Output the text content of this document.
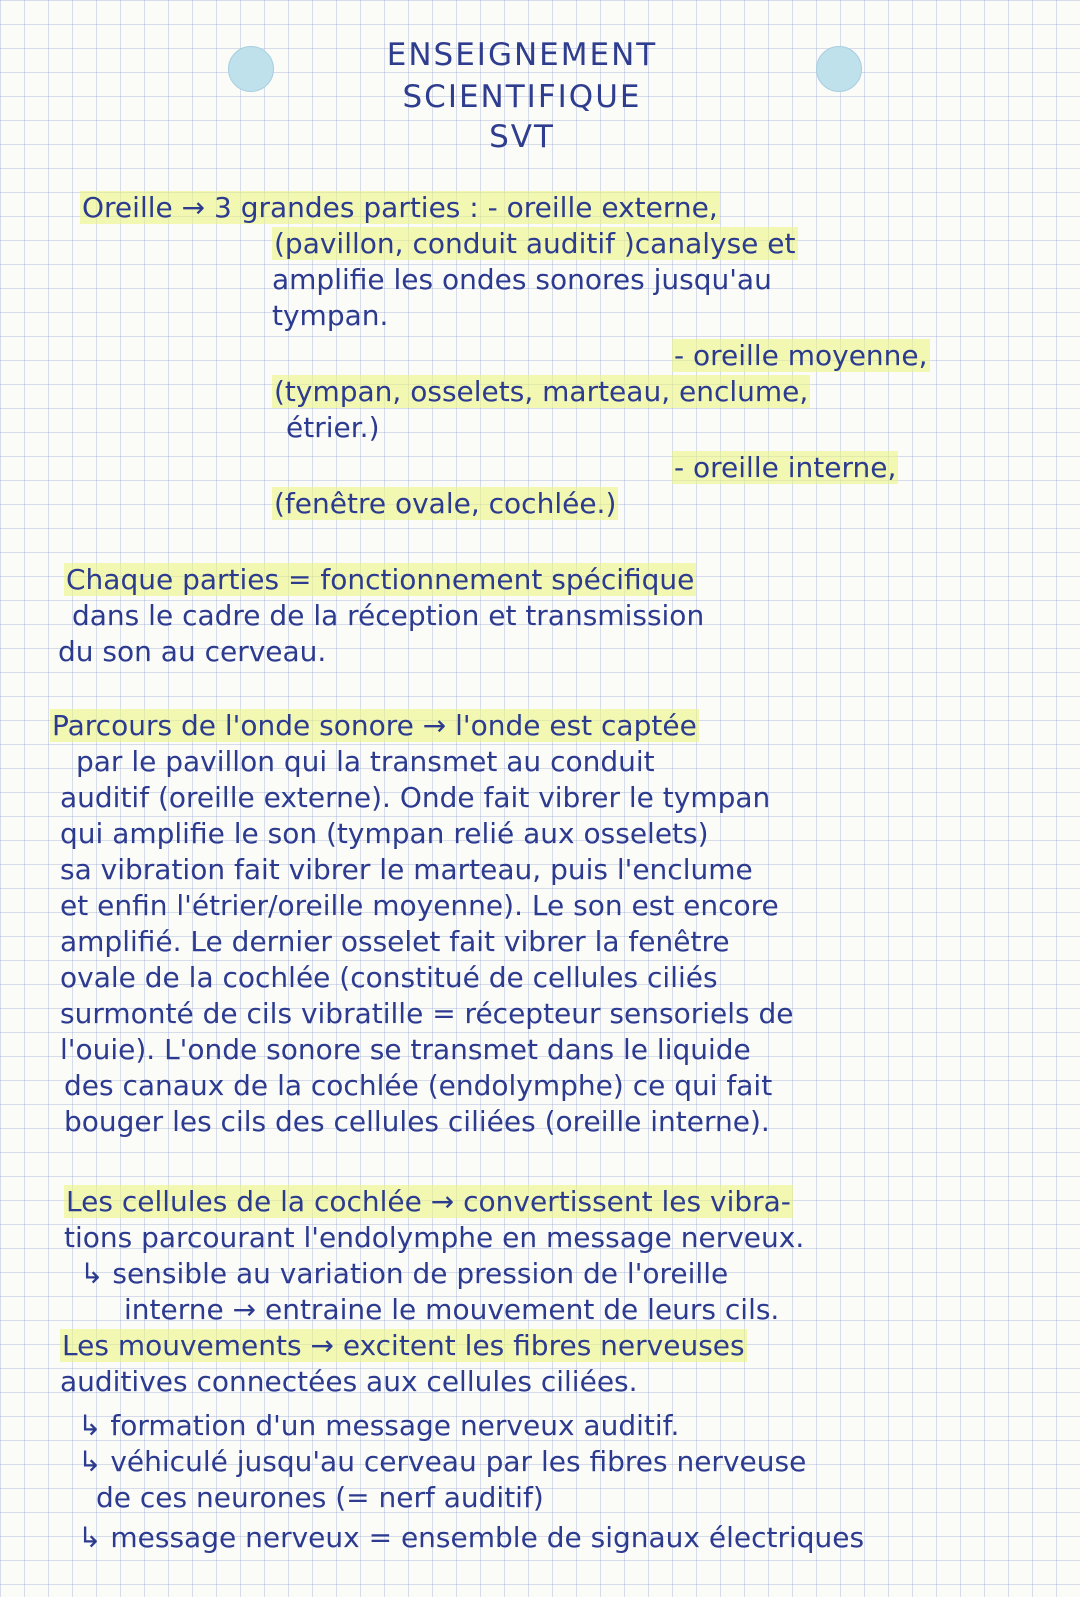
ENSEIGNEMENT
SCIENTIFIQUE
SVT
Oreille → 3 grandes parties : - oreille externe,
(pavillon, conduit auditif )canalyse et
amplifie les ondes sonores jusqu'au
tympan.
- oreille moyenne,
(tympan, osselets, marteau, enclume,
étrier.)
- oreille interne,
(fenêtre ovale, cochlée.)
Chaque parties = fonctionnement spécifique
dans le cadre de la réception et transmission
du son au cerveau.
Parcours de l'onde sonore → l'onde est captée
par le pavillon qui la transmet au conduit
auditif (oreille externe). Onde fait vibrer le tympan
qui amplifie le son (tympan relié aux osselets)
sa vibration fait vibrer le marteau, puis l'enclume
et enfin l'étrier/oreille moyenne). Le son est encore
amplifié. Le dernier osselet fait vibrer la fenêtre
ovale de la cochlée (constitué de cellules ciliés
surmonté de cils vibratille = récepteur sensoriels de
l'ouie). L'onde sonore se transmet dans le liquide
des canaux de la cochlée (endolymphe) ce qui fait
bouger les cils des cellules ciliées (oreille interne).
Les cellules de la cochlée → convertissent les vibra-
tions parcourant l'endolymphe en message nerveux.
↳ sensible au variation de pression de l'oreille
interne → entraine le mouvement de leurs cils.
Les mouvements → excitent les fibres nerveuses
auditives connectées aux cellules ciliées.
↳ formation d'un message nerveux auditif.
↳ véhiculé jusqu'au cerveau par les fibres nerveuse
de ces neurones (= nerf auditif)
↳ message nerveux = ensemble de signaux électriques
